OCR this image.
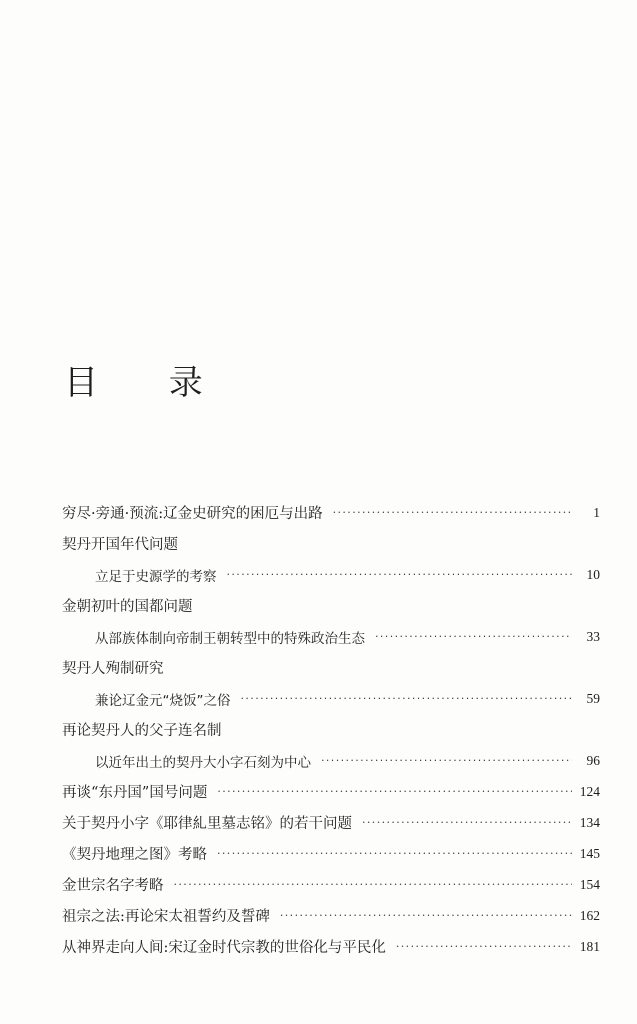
目 录
穷尽·旁通·预流:辽金史研究的困厄与出路 ·····	1
契丹开国年代问题
立足于史源学的考察 ·····	10
金朝初叶的国都问题
从部族体制向帝制王朝转型中的特殊政治生态 ·····	33
契丹人殉制研究
兼论辽金元“烧饭”之俗 ·····	59
再论契丹人的父子连名制
以近年出土的契丹大小字石刻为中心 ·····	96
再谈“东丹国”国号问题 ·····	124
关于契丹小字《耶律糺里墓志铭》的若干问题 ·····	134
《契丹地理之图》考略 ·····	145
金世宗名字考略 ·····	154
祖宗之法:再论宋太祖誓约及誓碑 ·····	162
从神界走向人间:宋辽金时代宗教的世俗化与平民化 ·····	181
